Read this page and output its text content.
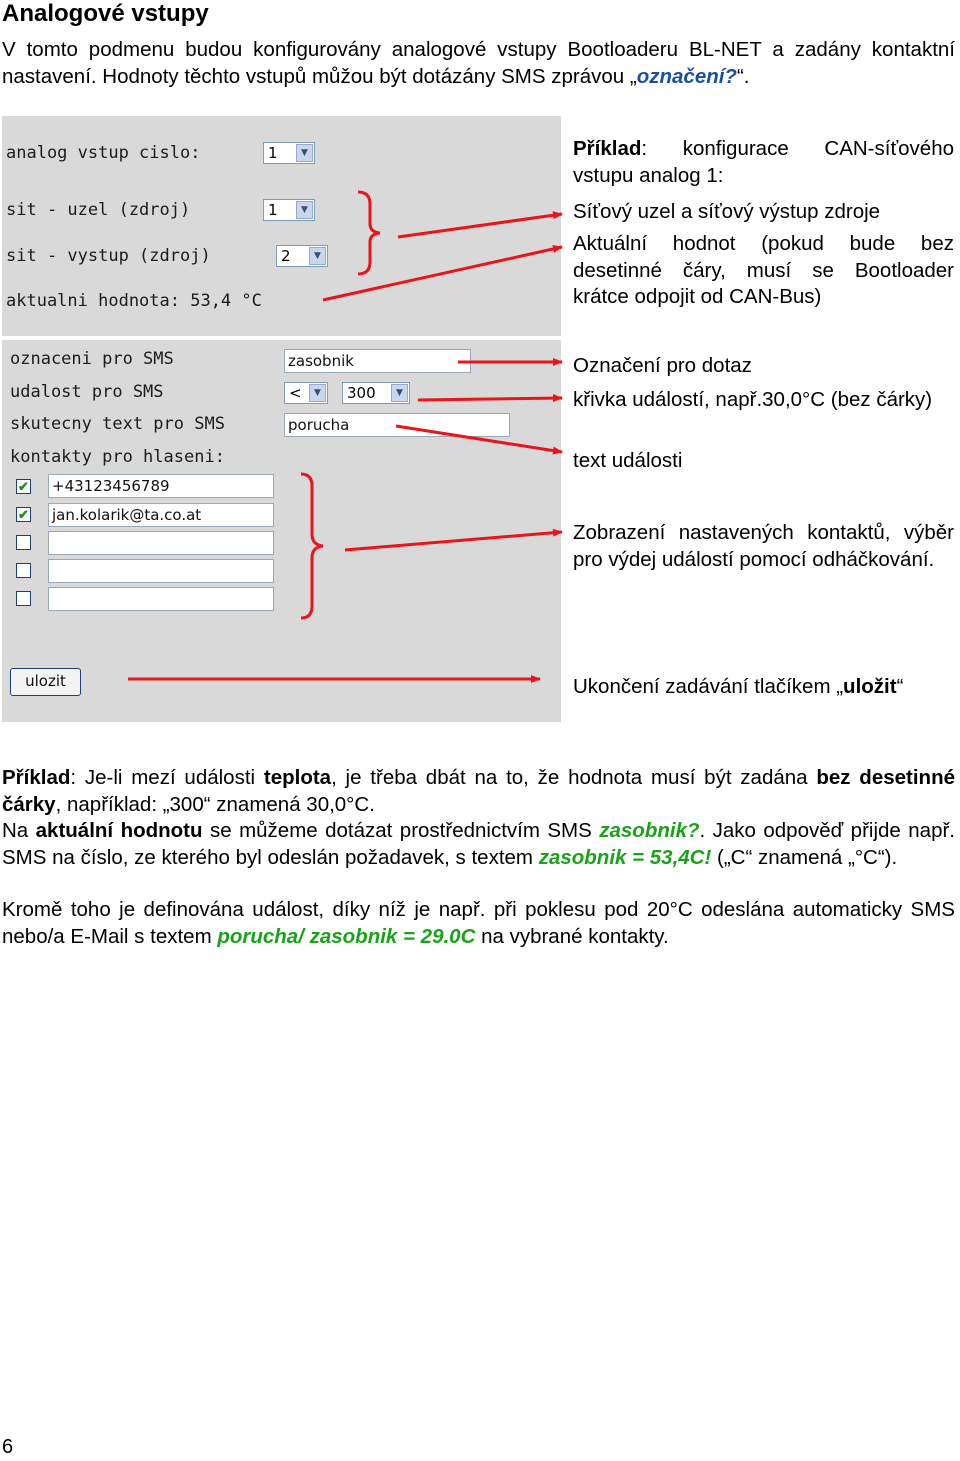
Analogové vstupy

V tomto podmenu budou konfigurovány analogové vstupy Bootloaderu BL-NET a zadány kontaktní nastavení. Hodnoty těchto vstupů můžou být dotázány SMS zprávou „označení?“.

analog vstup cislo:	1	▼
sit - uzel (zdroj)	1	▼
sit - vystup (zdroj)	2	▼
aktualni hodnota: 53,4 °C
oznaceni pro SMS	zasobnik
udalost pro SMS	<	▼	300	▼
skutecny text pro SMS	porucha
kontakty pro hlaseni:
✔ +43123456789
✔ jan.kolarik@ta.co.at
ulozit

Příklad: konfigurace CAN-síťového vstupu analog 1:

Síťový uzel a síťový výstup zdroje

Aktuální hodnot (pokud bude bez desetinné čáry, musí se Bootloader krátce odpojit od CAN-Bus)

Označení pro dotaz

křivka událostí, např.30,0°C (bez čárky)

text události

Zobrazení nastavených kontaktů, výběr pro výdej událostí pomocí odháčkování.

Ukončení zadávání tlačíkem „uložit“

Příklad: Je-li mezí události teplota, je třeba dbát na to, že hodnota musí být zadána bez desetinné čárky, například: „300“ znamená 30,0°C.

Na aktuální hodnotu se můžeme dotázat prostřednictvím SMS zasobnik?. Jako odpověď přijde např. SMS na číslo, ze kterého byl odeslán požadavek, s textem zasobnik = 53,4C! („C“ znamená „°C“).

Kromě toho je definována událost, díky níž je např. při poklesu pod 20°C odeslána automaticky SMS nebo/a E-Mail s textem porucha/ zasobnik = 29.0C na vybrané kontakty.

6
